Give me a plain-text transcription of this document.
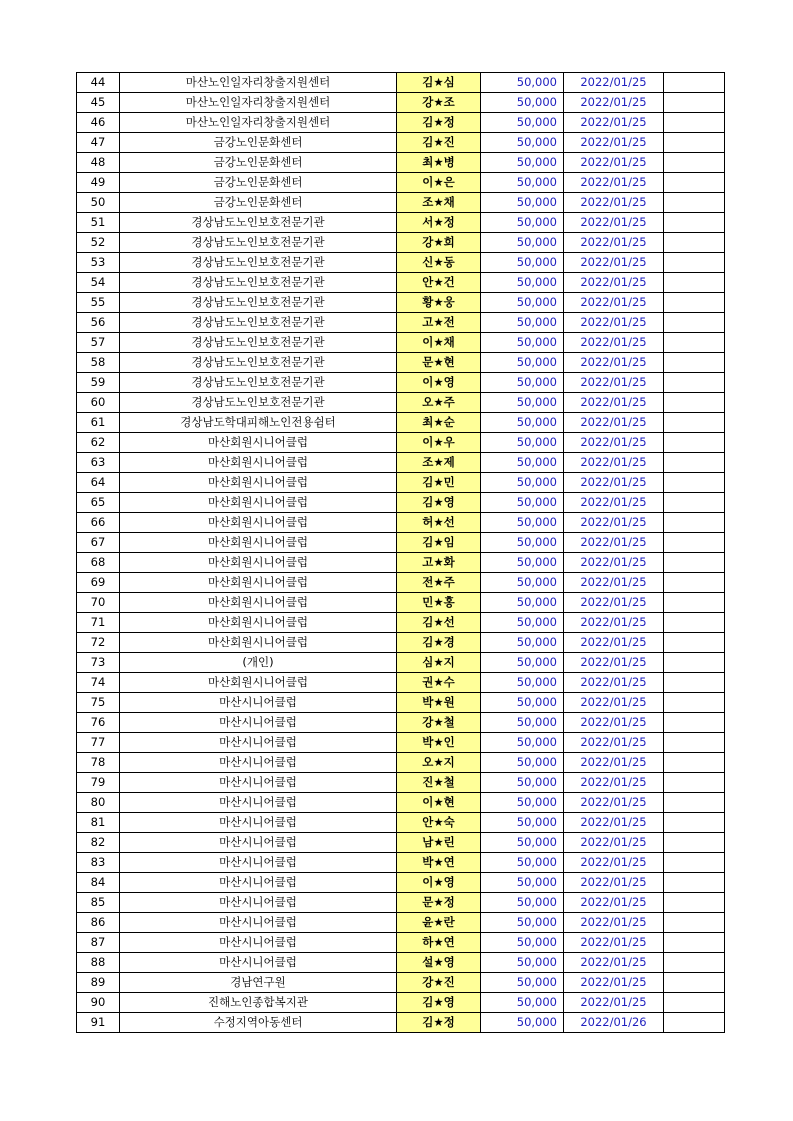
44	마산노인일자리창출지원센터	김★심	50,000	2022/01/25	
45	마산노인일자리창출지원센터	강★조	50,000	2022/01/25	
46	마산노인일자리창출지원센터	김★정	50,000	2022/01/25	
47	금강노인문화센터	김★진	50,000	2022/01/25	
48	금강노인문화센터	최★병	50,000	2022/01/25	
49	금강노인문화센터	이★은	50,000	2022/01/25	
50	금강노인문화센터	조★채	50,000	2022/01/25	
51	경상남도노인보호전문기관	서★정	50,000	2022/01/25	
52	경상남도노인보호전문기관	강★희	50,000	2022/01/25	
53	경상남도노인보호전문기관	신★동	50,000	2022/01/25	
54	경상남도노인보호전문기관	안★건	50,000	2022/01/25	
55	경상남도노인보호전문기관	황★웅	50,000	2022/01/25	
56	경상남도노인보호전문기관	고★전	50,000	2022/01/25	
57	경상남도노인보호전문기관	이★채	50,000	2022/01/25	
58	경상남도노인보호전문기관	문★현	50,000	2022/01/25	
59	경상남도노인보호전문기관	이★영	50,000	2022/01/25	
60	경상남도노인보호전문기관	오★주	50,000	2022/01/25	
61	경상남도학대피해노인전용쉼터	최★순	50,000	2022/01/25	
62	마산회원시니어클럽	이★우	50,000	2022/01/25	
63	마산회원시니어클럽	조★제	50,000	2022/01/25	
64	마산회원시니어클럽	김★민	50,000	2022/01/25	
65	마산회원시니어클럽	김★영	50,000	2022/01/25	
66	마산회원시니어클럽	허★선	50,000	2022/01/25	
67	마산회원시니어클럽	김★임	50,000	2022/01/25	
68	마산회원시니어클럽	고★화	50,000	2022/01/25	
69	마산회원시니어클럽	전★주	50,000	2022/01/25	
70	마산회원시니어클럽	민★홍	50,000	2022/01/25	
71	마산회원시니어클럽	김★선	50,000	2022/01/25	
72	마산회원시니어클럽	김★경	50,000	2022/01/25	
73	(개인)	심★지	50,000	2022/01/25	
74	마산회원시니어클럽	권★수	50,000	2022/01/25	
75	마산시니어클럽	박★원	50,000	2022/01/25	
76	마산시니어클럽	강★철	50,000	2022/01/25	
77	마산시니어클럽	박★인	50,000	2022/01/25	
78	마산시니어클럽	오★지	50,000	2022/01/25	
79	마산시니어클럽	진★철	50,000	2022/01/25	
80	마산시니어클럽	이★현	50,000	2022/01/25	
81	마산시니어클럽	안★숙	50,000	2022/01/25	
82	마산시니어클럽	남★린	50,000	2022/01/25	
83	마산시니어클럽	박★연	50,000	2022/01/25	
84	마산시니어클럽	이★영	50,000	2022/01/25	
85	마산시니어클럽	문★정	50,000	2022/01/25	
86	마산시니어클럽	윤★란	50,000	2022/01/25	
87	마산시니어클럽	하★연	50,000	2022/01/25	
88	마산시니어클럽	설★영	50,000	2022/01/25	
89	경남연구원	강★진	50,000	2022/01/25	
90	진해노인종합복지관	김★영	50,000	2022/01/25	
91	수정지역아동센터	김★정	50,000	2022/01/26	
